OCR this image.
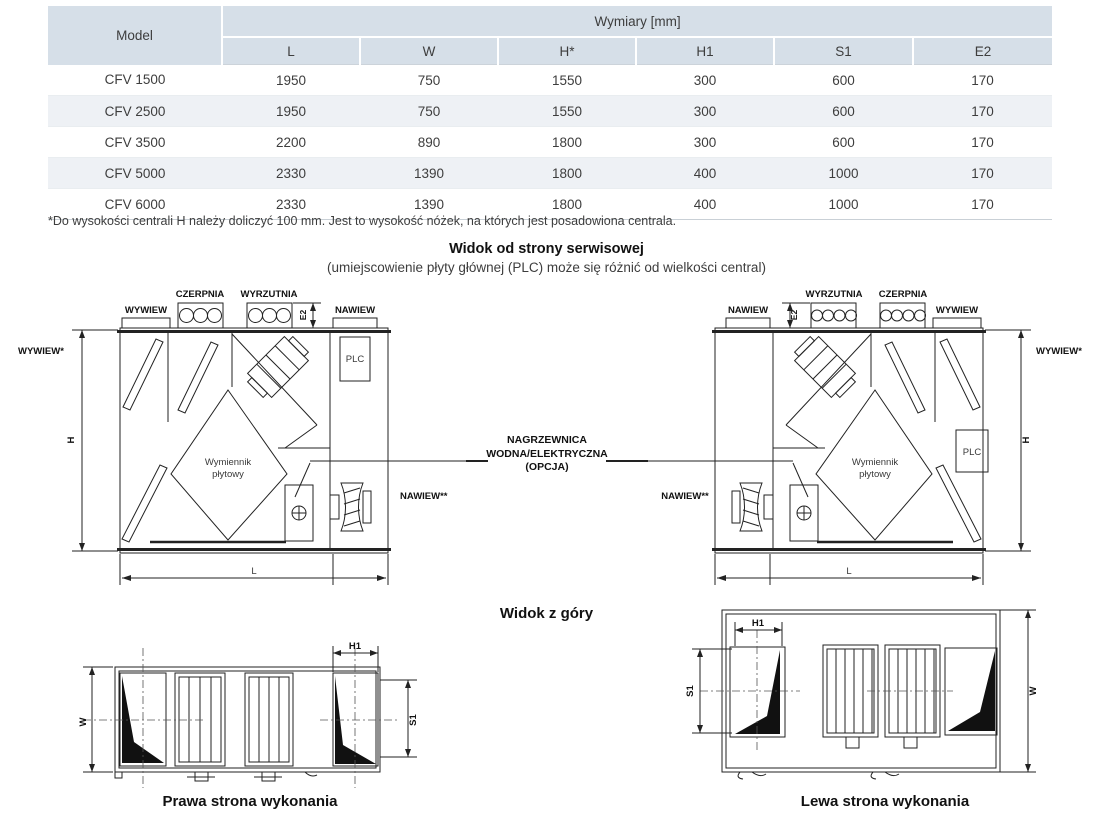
Model	Wymiary [mm]					
	L	W	H*	H1	S1	E2
CFV 1500	1950	750	1550	300	600	170
CFV 2500	1950	750	1550	300	600	170
CFV 3500	2200	890	1800	300	600	170
CFV 5000	2330	1390	1800	400	1000	170
CFV 6000	2330	1390	1800	400	1000	170
*Do wysokości centrali H należy doliczyć 100 mm. Jest to wysokość nóżek, na których jest posadowiona centrala.
Widok od strony serwisowej
(umiejscowienie płyty głównej (PLC) może się różnić od wielkości central)
WYWIEW
CZERPNIA WYRZUTNIA
NAWIEW
E2
H
WYWIEW*
NAWIEW**
Wymiennik
płytowy
PLC
L
NAGRZEWNICA
WODNA/ELEKTRYCZNA
(OPCJA)
NAWIEW
WYRZUTNIA CZERPNIA
WYWIEW
E2
H
WYWIEW*
NAWIEW**
Wymiennik
płytowy
PLC
L
Widok z góry
W
H1
S1
H1
S1	W
Prawa strona wykonania	Lewa strona wykonania
